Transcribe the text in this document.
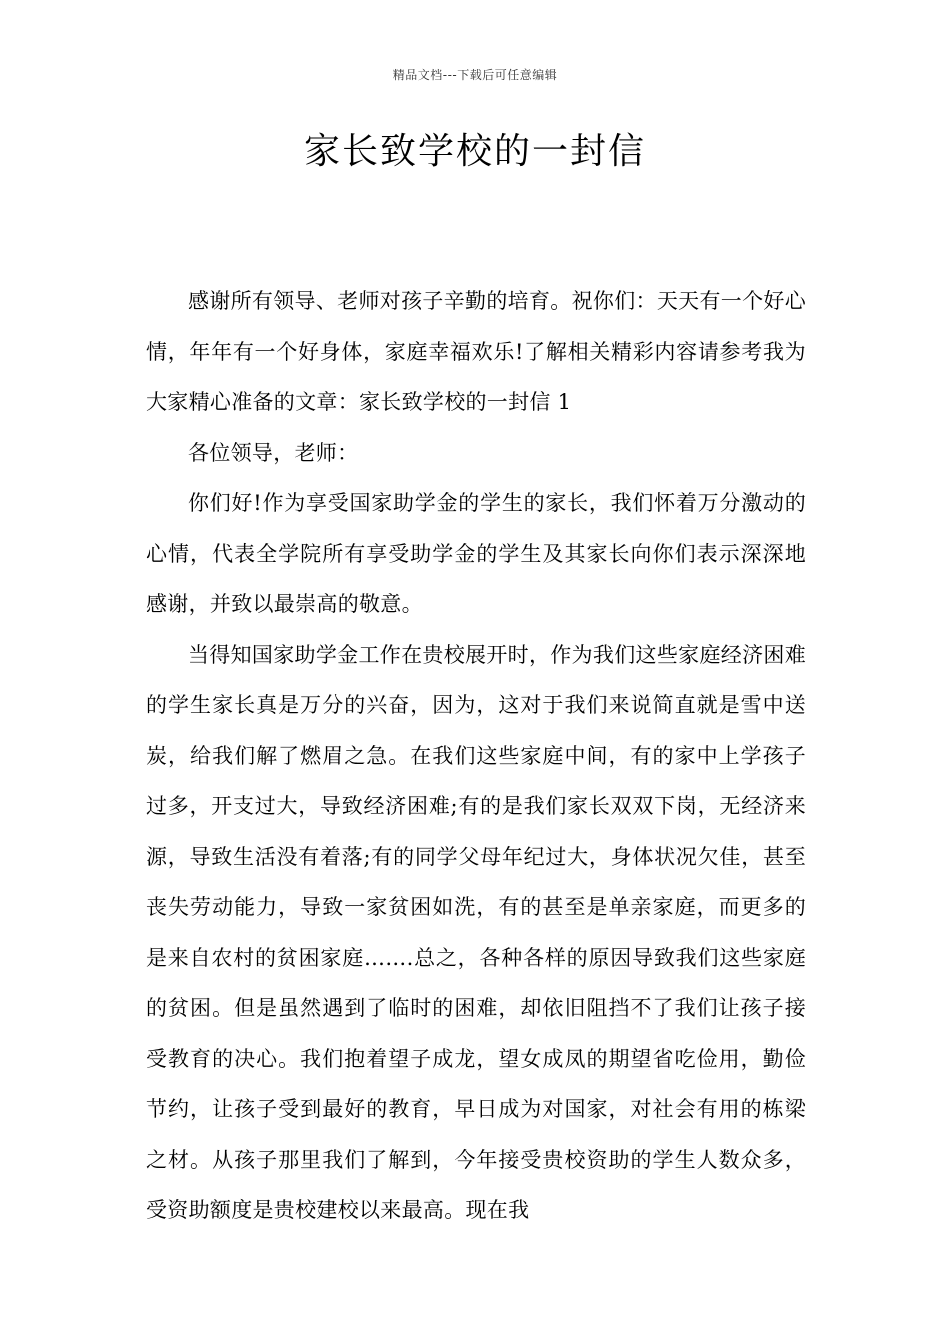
精品文档---下载后可任意编辑
家长致学校的一封信

感谢所有领导、老师对孩子辛勤的培育。祝你们：天天有一个好心情，年年有一个好身体，家庭幸福欢乐!了解相关精彩内容请参考我为大家精心准备的文章：家长致学校的一封信 1

各位领导，老师：

你们好!作为享受国家助学金的学生的家长，我们怀着万分激动的心情，代表全学院所有享受助学金的学生及其家长向你们表示深深地感谢，并致以最崇高的敬意。

当得知国家助学金工作在贵校展开时，作为我们这些家庭经济困难的学生家长真是万分的兴奋，因为，这对于我们来说简直就是雪中送炭，给我们解了燃眉之急。在我们这些家庭中间，有的家中上学孩子过多，开支过大，导致经济困难;有的是我们家长双双下岗，无经济来源，导致生活没有着落;有的同学父母年纪过大，身体状况欠佳，甚至丧失劳动能力，导致一家贫困如洗，有的甚至是单亲家庭，而更多的是来自农村的贫困家庭…….总之，各种各样的原因导致我们这些家庭的贫困。但是虽然遇到了临时的困难，却依旧阻挡不了我们让孩子接受教育的决心。我们抱着望子成龙，望女成凤的期望省吃俭用，勤俭节约，让孩子受到最好的教育，早日成为对国家，对社会有用的栋梁之材。从孩子那里我们了解到，今年接受贵校资助的学生人数众多，受资助额度是贵校建校以来最高。现在我
